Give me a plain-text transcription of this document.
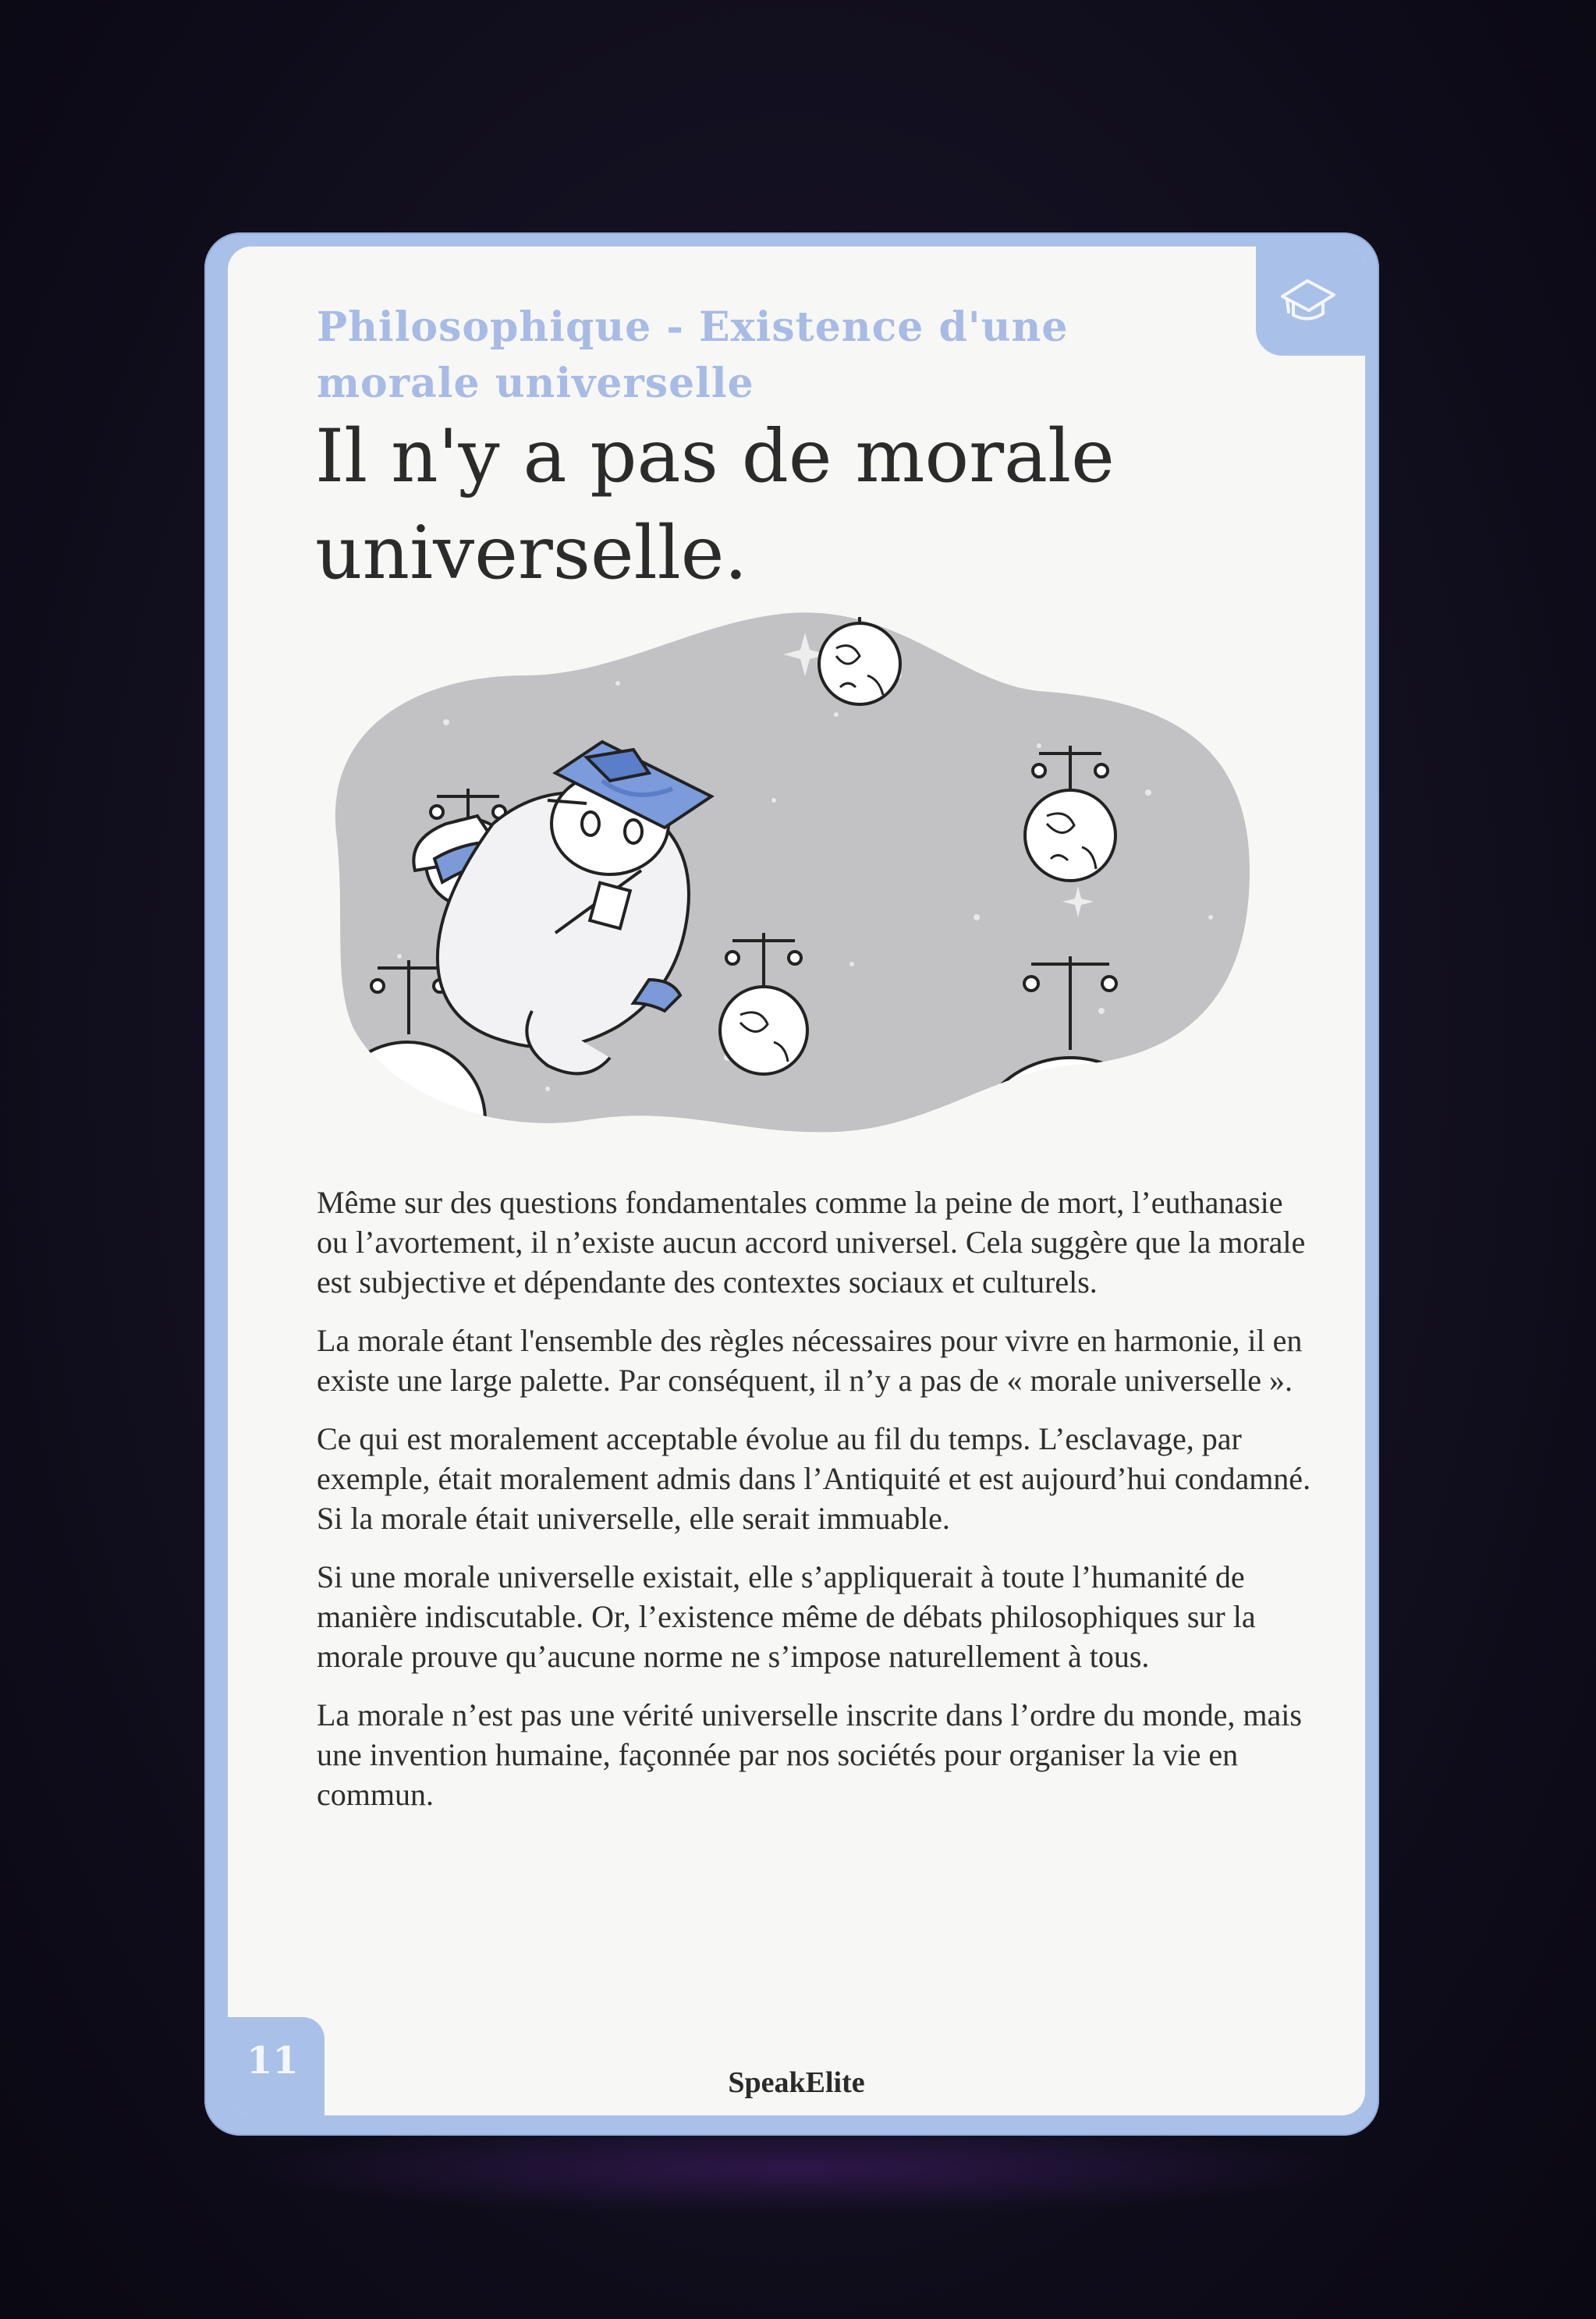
Philosophique - Existence d'une morale universelle
Il n'y a pas de morale universelle.

Même sur des questions fondamentales comme la peine de mort, l’euthanasie ou l’avortement, il n’existe aucun accord universel. Cela suggère que la morale est subjective et dépendante des contextes sociaux et culturels.

La morale étant l'ensemble des règles nécessaires pour vivre en harmonie, il en existe une large palette. Par conséquent, il n’y a pas de « morale universelle ».

Ce qui est moralement acceptable évolue au fil du temps. L’esclavage, par exemple, était moralement admis dans l’Antiquité et est aujourd’hui condamné. Si la morale était universelle, elle serait immuable.

Si une morale universelle existait, elle s’appliquerait à toute l’humanité de manière indiscutable. Or, l’existence même de débats philosophiques sur la morale prouve qu’aucune norme ne s’impose naturellement à tous.

La morale n’est pas une vérité universelle inscrite dans l’ordre du monde, mais une invention humaine, façonnée par nos sociétés pour organiser la vie en commun.

11	SpeakElite
